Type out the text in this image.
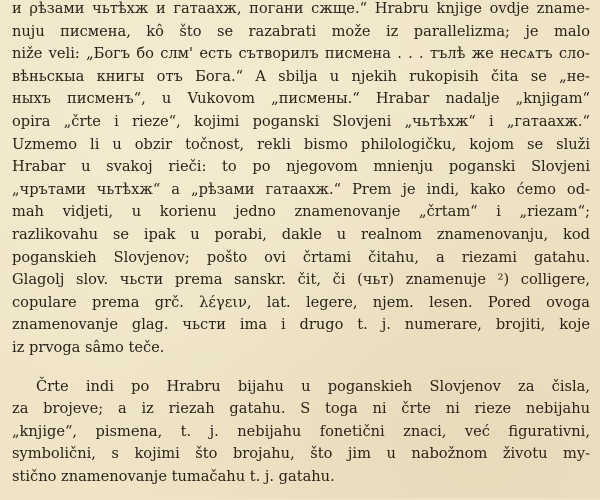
и ρѣзами чьтѣхж и гатаахж, погани сжще.“ Hrabru knjige ovdje zname-
nuju писмена, kô što se razabrati može iz parallelizma; je malo
niže veli: „Богъ бо слм' есть сътворилъ писмена . . . тълѣ же несѧтъ сло-
вѣньскыа книгы отъ Бога.“ A sbilja u njekih rukopisih čita se „не-
ныхъ писменъ“, u Vukovom „писмены.“ Hrabar nadalje „knjigam“
opira „črte i rieze“, kojimi poganski Slovjeni „чьтѣхж“ i „гатаахж.“
Uzmemo li u obzir točnost, rekli bismo philologičku, kojom se služi
Hrabar u svakoj rieči: to po njegovom mnienju poganski Slovjeni
„чрътами чьтѣхж“ a „рѣзами гатаахж.“ Prem je indi, kako ćemo od-
mah vidjeti, u korienu jedno znamenovanje „črtam“ i „riezam“;
razlikovahu se ipak u porabi, dakle u realnom znamenovanju, kod
poganskieh Slovjenov; pošto ovi črtami čitahu, a riezami gatahu.
Glagolj slov. чьсти prema sanskr. čit, či (чьт) znamenuje ²) colligere,
copulare prema grč. λέγειν, lat. legere, njem. lesen. Pored ovoga
znamenovanje glag. чьсти ima i drugo t. j. numerare, brojiti, koje
iz prvoga sâmo teče.

Črte indi po Hrabru bijahu u poganskieh Slovjenov za čisla,
za brojeve; a iz riezah gatahu. S toga ni črte ni rieze nebijahu
„knjige“, pismena, t. j. nebijahu fonetični znaci, već figurativni,
symbolični, s kojimi što brojahu, što jim u nabožnom životu my-
stično znamenovanje tumačahu t. j. gatahu.
